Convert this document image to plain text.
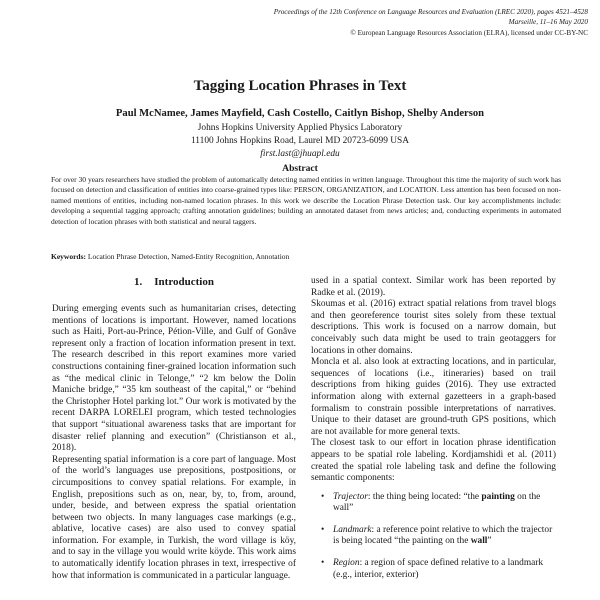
Proceedings of the 12th Conference on Language Resources and Evaluation (LREC 2020), pages 4521–4528
Marseille, 11–16 May 2020
© European Language Resources Association (ELRA), licensed under CC-BY-NC
Tagging Location Phrases in Text
Paul McNamee, James Mayfield, Cash Costello, Caitlyn Bishop, Shelby Anderson
Johns Hopkins University Applied Physics Laboratory
11100 Johns Hopkins Road, Laurel MD 20723-6099 USA
first.last@jhuapl.edu
Abstract

For over 30 years researchers have studied the problem of automatically detecting named entities in written language. Throughout this time the majority of such work has focused on detection and classification of entities into coarse-grained types like: PERSON, ORGANIZATION, and LOCATION. Less attention has been focused on non-named mentions of entities, including non-named location phrases. In this work we describe the Location Phrase Detection task. Our key accomplishments include: developing a sequential tagging approach; crafting annotation guidelines; building an annotated dataset from news articles; and, conducting experiments in automated detection of location phrases with both statistical and neural taggers.

Keywords: Location Phrase Detection, Named-Entity Recognition, Annotation

1. Introduction

During emerging events such as humanitarian crises, detecting mentions of locations is important. However, named locations such as Haiti, Port-au-Prince, Pétion-Ville, and Gulf of Gonâve represent only a fraction of location information present in text. The research described in this report examines more varied constructions containing finer-grained location information such as “the medical clinic in Telonge,” “2 km below the Dolin Maniche bridge,” “35 km southeast of the capital,” or “behind the Christopher Hotel parking lot.” Our work is motivated by the recent DARPA LORELEI program, which tested technologies that support “situational awareness tasks that are important for disaster relief planning and execution” (Christianson et al., 2018).

Representing spatial information is a core part of language. Most of the world’s languages use prepositions, postpositions, or circumpositions to convey spatial relations. For example, in English, prepositions such as on, near, by, to, from, around, under, beside, and between express the spatial orientation between two objects. In many languages case markings (e.g., ablative, locative cases) are also used to convey spatial information. For example, in Turkish, the word village is köy, and to say in the village you would write köyde. This work aims to automatically identify location phrases in text, irrespective of how that information is communicated in a particular language.

used in a spatial context. Similar work has been reported by Radke et al. (2019).

Skoumas et al. (2016) extract spatial relations from travel blogs and then georeference tourist sites solely from these textual descriptions. This work is focused on a narrow domain, but conceivably such data might be used to train geotaggers for locations in other domains.

Moncla et al. also look at extracting locations, and in particular, sequences of locations (i.e., itineraries) based on trail descriptions from hiking guides (2016). They use extracted information along with external gazetteers in a graph-based formalism to constrain possible interpretations of narratives. Unique to their dataset are ground-truth GPS positions, which are not available for more general texts.

The closest task to our effort in location phrase identification appears to be spatial role labeling. Kordjamshidi et al. (2011) created the spatial role labeling task and define the following semantic components:

• Trajector: the thing being located: “the painting on the wall”
• Landmark: a reference point relative to which the trajector is being located “the painting on the wall”
• Region: a region of space defined relative to a landmark (e.g., interior, exterior)
